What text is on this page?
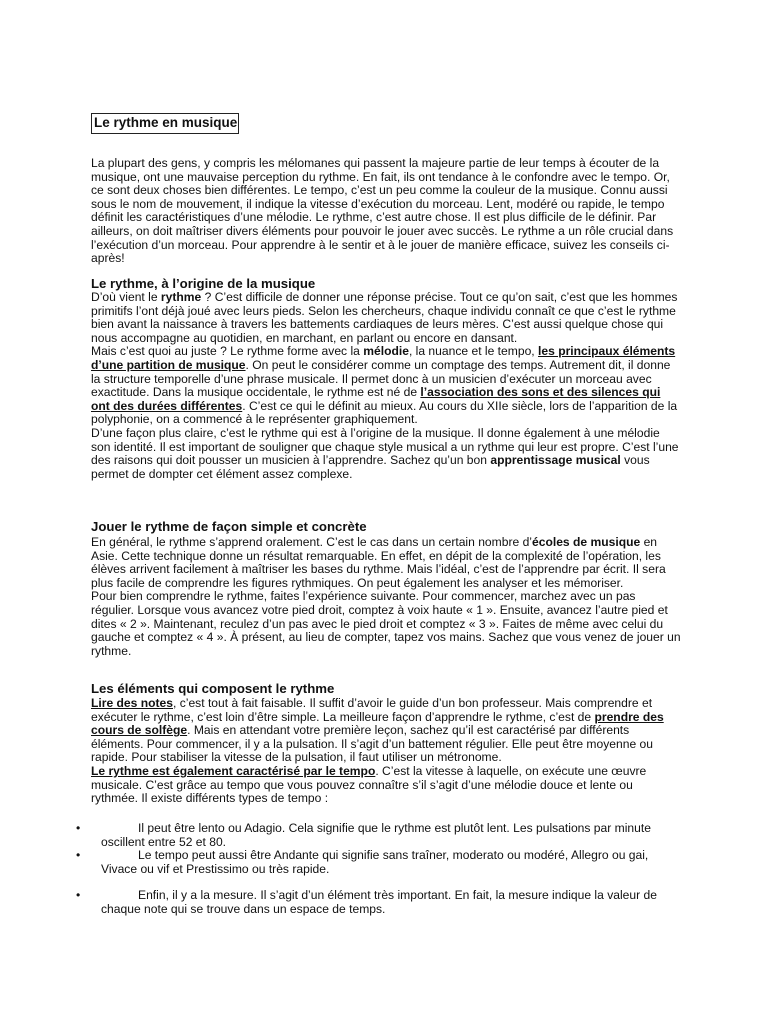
Le rythme en musique

La plupart des gens, y compris les mélomanes qui passent la majeure partie de leur temps à écouter de la musique, ont une mauvaise perception du rythme. En fait, ils ont tendance à le confondre avec le tempo. Or, ce sont deux choses bien différentes. Le tempo, c’est un peu comme la couleur de la musique. Connu aussi sous le nom de mouvement, il indique la vitesse d’exécution du morceau. Lent, modéré ou rapide, le tempo définit les caractéristiques d’une mélodie. Le rythme, c’est autre chose. Il est plus difficile de le définir. Par ailleurs, on doit maîtriser divers éléments pour pouvoir le jouer avec succès. Le rythme a un rôle crucial dans l’exécution d’un morceau. Pour apprendre à le sentir et à le jouer de manière efficace, suivez les conseils ci-après!

Le rythme, à l’origine de la musique

D’où vient le rythme ? C’est difficile de donner une réponse précise. Tout ce qu’on sait, c’est que les hommes primitifs l’ont déjà joué avec leurs pieds. Selon les chercheurs, chaque individu connaît ce que c’est le rythme bien avant la naissance à travers les battements cardiaques de leurs mères. C’est aussi quelque chose qui nous accompagne au quotidien, en marchant, en parlant ou encore en dansant.

Mais c’est quoi au juste ? Le rythme forme avec la mélodie, la nuance et le tempo, les principaux éléments d’une partition de musique. On peut le considérer comme un comptage des temps. Autrement dit, il donne la structure temporelle d’une phrase musicale. Il permet donc à un musicien d’exécuter un morceau avec exactitude. Dans la musique occidentale, le rythme est né de l’association des sons et des silences qui ont des durées différentes. C’est ce qui le définit au mieux. Au cours du XIIe siècle, lors de l’apparition de la polyphonie, on a commencé à le représenter graphiquement.

D’une façon plus claire, c’est le rythme qui est à l’origine de la musique. Il donne également à une mélodie son identité. Il est important de souligner que chaque style musical a un rythme qui leur est propre. C’est l’une des raisons qui doit pousser un musicien à l’apprendre. Sachez qu’un bon apprentissage musical vous permet de dompter cet élément assez complexe.

Jouer le rythme de façon simple et concrète

En général, le rythme s’apprend oralement. C’est le cas dans un certain nombre d’écoles de musique en Asie. Cette technique donne un résultat remarquable. En effet, en dépit de la complexité de l’opération, les élèves arrivent facilement à maîtriser les bases du rythme. Mais l’idéal, c’est de l’apprendre par écrit. Il sera plus facile de comprendre les figures rythmiques. On peut également les analyser et les mémoriser.

Pour bien comprendre le rythme, faites l’expérience suivante. Pour commencer, marchez avec un pas régulier. Lorsque vous avancez votre pied droit, comptez à voix haute « 1 ». Ensuite, avancez l’autre pied et dites « 2 ». Maintenant, reculez d’un pas avec le pied droit et comptez « 3 ». Faites de même avec celui du gauche et comptez « 4 ». À présent, au lieu de compter, tapez vos mains. Sachez que vous venez de jouer un rythme.

Les éléments qui composent le rythme

Lire des notes, c’est tout à fait faisable. Il suffit d’avoir le guide d’un bon professeur. Mais comprendre et exécuter le rythme, c’est loin d’être simple. La meilleure façon d’apprendre le rythme, c’est de prendre des cours de solfège. Mais en attendant votre première leçon, sachez qu’il est caractérisé par différents éléments. Pour commencer, il y a la pulsation. Il s’agit d’un battement régulier. Elle peut être moyenne ou rapide. Pour stabiliser la vitesse de la pulsation, il faut utiliser un métronome.

Le rythme est également caractérisé par le tempo. C’est la vitesse à laquelle, on exécute une œuvre musicale. C’est grâce au tempo que vous pouvez connaître s’il s’agit d’une mélodie douce et lente ou rythmée. Il existe différents types de tempo :

•	Il peut être lento ou Adagio. Cela signifie que le rythme est plutôt lent. Les pulsations par minute oscillent entre 52 et 80.
•	Le tempo peut aussi être Andante qui signifie sans traîner, moderato ou modéré, Allegro ou gai, Vivace ou vif et Prestissimo ou très rapide.
•	Enfin, il y a la mesure. Il s’agit d’un élément très important. En fait, la mesure indique la valeur de chaque note qui se trouve dans un espace de temps.
